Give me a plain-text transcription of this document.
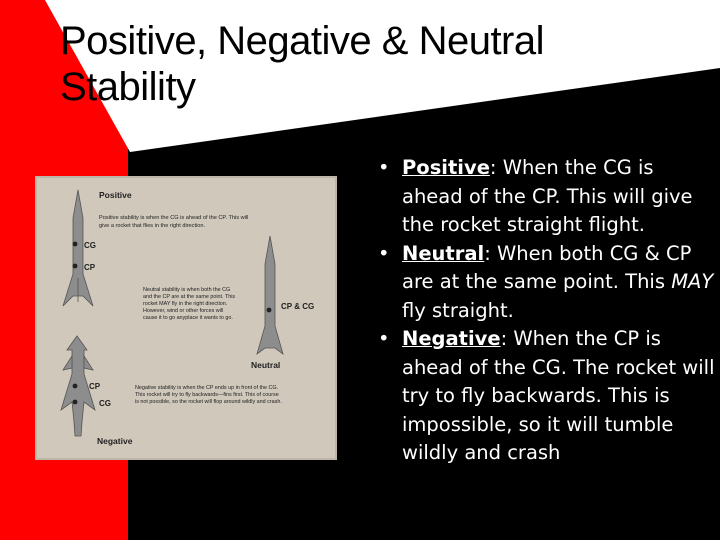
Positive, Negative & Neutral Stability
Positive
Positive stability is when the CG is ahead of the CP. This will
give a rocket that flies in the right direction.
CG
CP
Neutral stability is when both the CG
and the CP are at the same point. This
rocket MAY fly in the right direction.
However, wind or other forces will
cause it to go anyplace it wants to go.
CP & CG
Neutral
CP
CG
Negative stability is when the CP ends up in front of the CG.
This rocket will try to fly backwards—fins first. This of course
is not possible, so the rocket will flop around wildly and crash.
Negative
• Positive: When the CG is ahead of the CP. This will give the rocket straight flight.
• Neutral: When both CG & CP are at the same point. This MAY fly straight.
• Negative: When the CP is ahead of the CG. The rocket will try to fly backwards. This is impossible, so it will tumble wildly and crash
